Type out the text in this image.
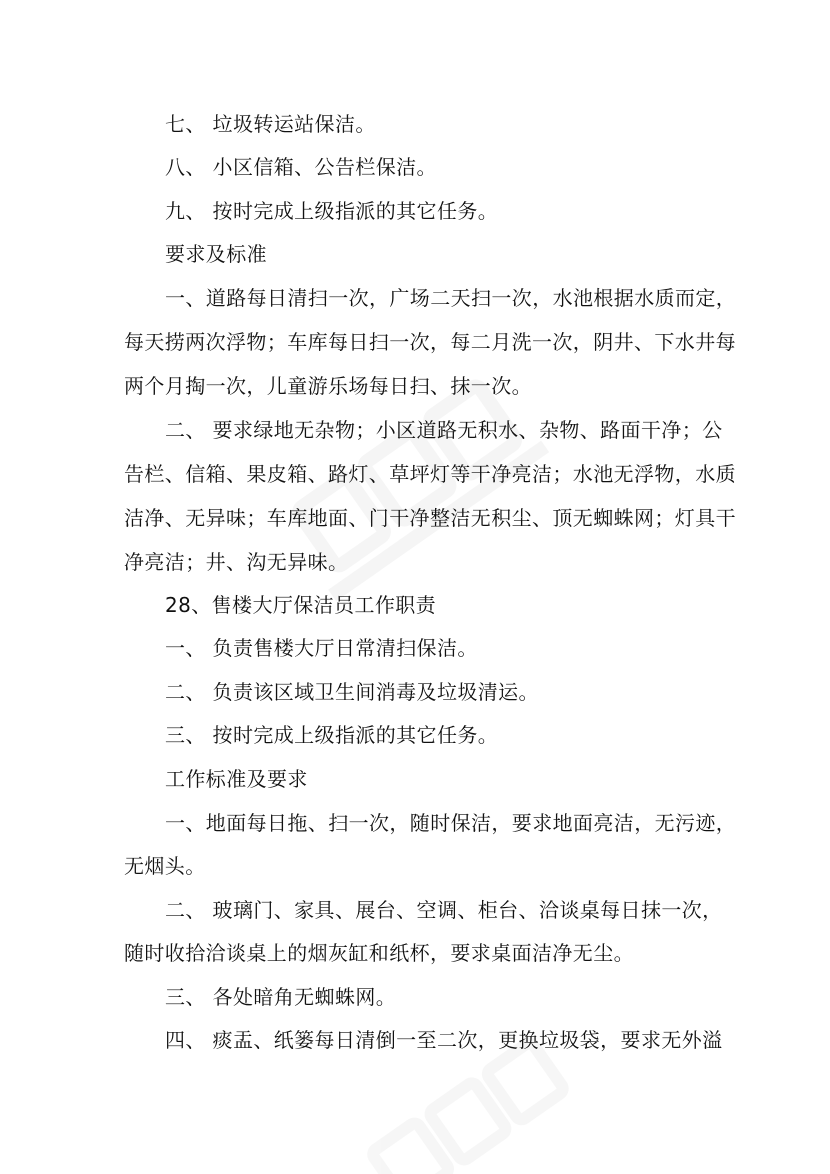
七、 垃圾转运站保洁。
八、 小区信箱、公告栏保洁。
九、 按时完成上级指派的其它任务。
要求及标准
一、道路每日清扫一次，广场二天扫一次，水池根据水质而定，
每天捞两次浮物；车库每日扫一次，每二月洗一次，阴井、下水井每
两个月掏一次，儿童游乐场每日扫、抹一次。
二、 要求绿地无杂物；小区道路无积水、杂物、路面干净；公
告栏、信箱、果皮箱、路灯、草坪灯等干净亮洁；水池无浮物，水质
洁净、无异味；车库地面、门干净整洁无积尘、顶无蜘蛛网；灯具干
净亮洁；井、沟无异味。
28、售楼大厅保洁员工作职责
一、 负责售楼大厅日常清扫保洁。
二、 负责该区域卫生间消毒及垃圾清运。
三、 按时完成上级指派的其它任务。
工作标准及要求
一、地面每日拖、扫一次，随时保洁，要求地面亮洁，无污迹，
无烟头。
二、 玻璃门、家具、展台、空调、柜台、洽谈桌每日抹一次，
随时收拾洽谈桌上的烟灰缸和纸杯，要求桌面洁净无尘。
三、 各处暗角无蜘蛛网。
四、 痰盂、纸篓每日清倒一至二次，更换垃圾袋，要求无外溢
